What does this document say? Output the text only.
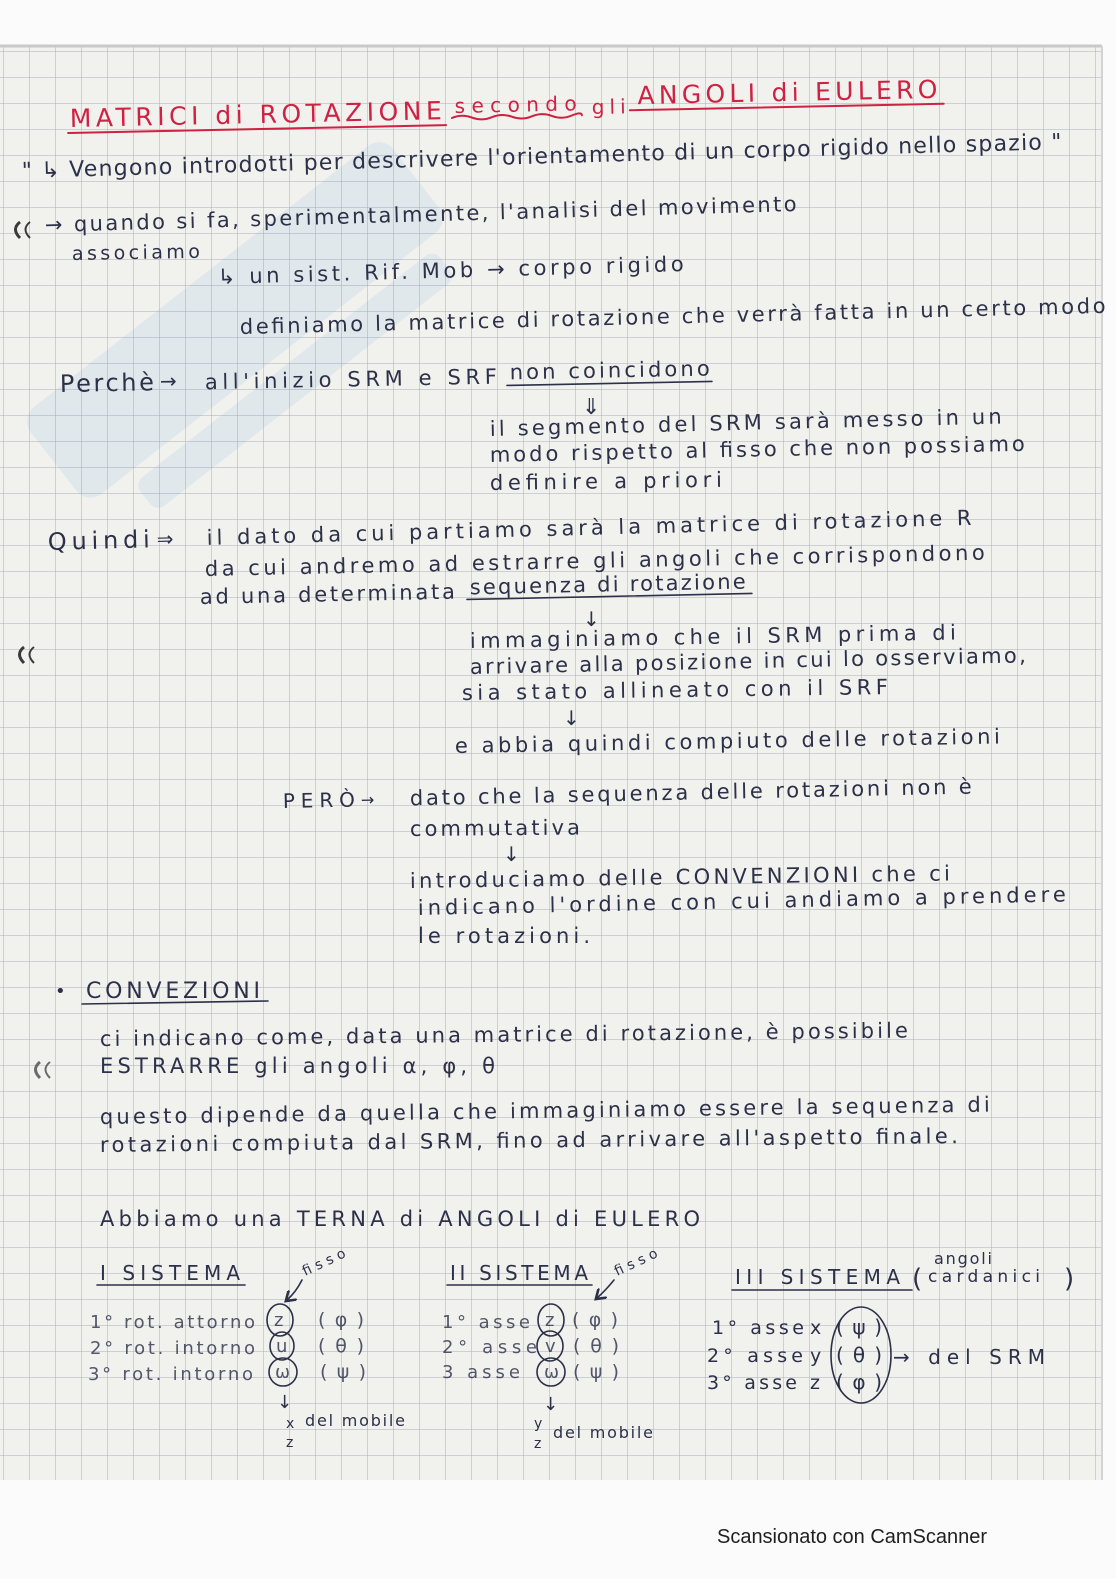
MATRICI di ROTAZIONE secondo gli ANGOLI di EULERO
" ↳ Vengono introdotti per descrivere l'orientamento di un corpo rigido nello spazio "
→ quando si fa, sperimentalmente, l'analisi del movimento
associamo
↳ un sist. Rif. Mob → corpo rigido
definiamo la matrice di rotazione che verrà fatta in un certo modo
Perchè → all'inizio SRM e SRF non coincidono
⇓
il segmento del SRM sarà messo in un
modo rispetto al fisso che non possiamo
definire a priori
Quindi ⇒ il dato da cui partiamo sarà la matrice di rotazione R
da cui andremo ad estrarre gli angoli che corrispondono
ad una determinata sequenza di rotazione
↓
immaginiamo che il SRM prima di
arrivare alla posizione in cui lo osserviamo,
sia stato allineato con il SRF
↓
e abbia quindi compiuto delle rotazioni
PERÒ → dato che la sequenza delle rotazioni non è
commutativa
↓
introduciamo delle CONVENZIONI che ci
indicano l'ordine con cui andiamo a prendere
le rotazioni.
• CONVEZIONI
ci indicano come, data una matrice di rotazione, è possibile
ESTRARRE gli angoli α, φ, θ
questo dipende da quella che immaginiamo essere la sequenza di
rotazioni compiuta dal SRM, fino ad arrivare all'aspetto finale.
Abbiamo una TERNA di ANGOLI di EULERO
I SISTEMA	fisso
1° rot. attorno z (φ)
2° rot. intorno u (θ)
3° rot. intorno ω (ψ)
↓
x
z
del mobile
II SISTEMA fisso
1° asse z (φ)
2° asse v (θ)
3 asse ω (ψ)
↓
y
z
del mobile
III SISTEMA (
angoli
cardanici )
1° asse x (ψ)
2° asse y (θ)
3° asse z (φ)
→ del SRM
Scansionato con CamScanner
